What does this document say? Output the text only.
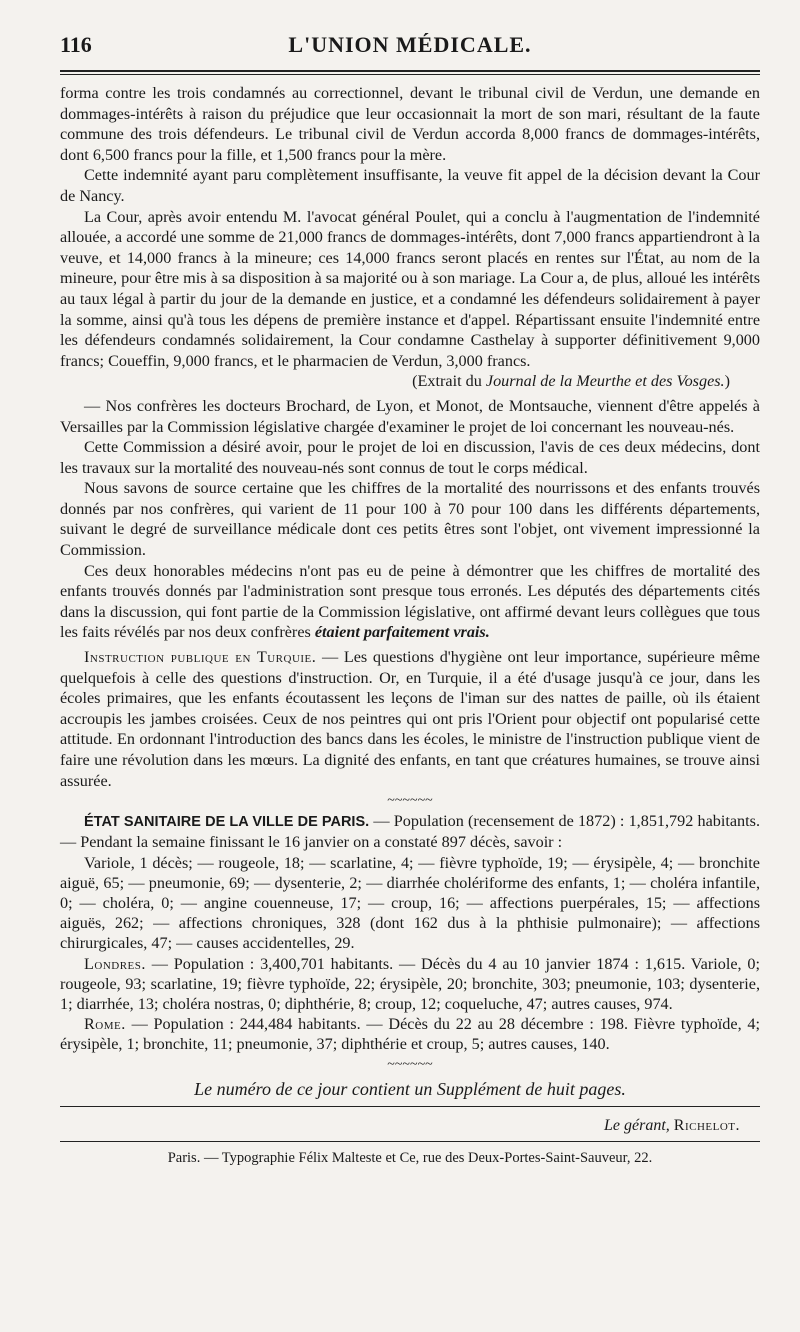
116	L'UNION MÉDICALE.

forma contre les trois condamnés au correctionnel, devant le tribunal civil de Verdun, une demande en dommages-intérêts à raison du préjudice que leur occasionnait la mort de son mari, résultant de la faute commune des trois défendeurs. Le tribunal civil de Verdun accorda 8,000 francs de dommages-intérêts, dont 6,500 francs pour la fille, et 1,500 francs pour la mère.

Cette indemnité ayant paru complètement insuffisante, la veuve fit appel de la décision devant la Cour de Nancy.

La Cour, après avoir entendu M. l'avocat général Poulet, qui a conclu à l'augmentation de l'indemnité allouée, a accordé une somme de 21,000 francs de dommages-intérêts, dont 7,000 francs appartiendront à la veuve, et 14,000 francs à la mineure; ces 14,000 francs seront placés en rentes sur l'État, au nom de la mineure, pour être mis à sa disposition à sa majorité ou à son mariage. La Cour a, de plus, alloué les intérêts au taux légal à partir du jour de la demande en justice, et a condamné les défendeurs solidairement à payer la somme, ainsi qu'à tous les dépens de première instance et d'appel. Répartissant ensuite l'indemnité entre les défendeurs condamnés solidairement, la Cour condamne Casthelay à supporter définitivement 9,000 francs; Coueffin, 9,000 francs, et le pharmacien de Verdun, 3,000 francs.

(Extrait du Journal de la Meurthe et des Vosges.)

— Nos confrères les docteurs Brochard, de Lyon, et Monot, de Montsauche, viennent d'être appelés à Versailles par la Commission législative chargée d'examiner le projet de loi concernant les nouveau-nés.

Cette Commission a désiré avoir, pour le projet de loi en discussion, l'avis de ces deux médecins, dont les travaux sur la mortalité des nouveau-nés sont connus de tout le corps médical.

Nous savons de source certaine que les chiffres de la mortalité des nourrissons et des enfants trouvés donnés par nos confrères, qui varient de 11 pour 100 à 70 pour 100 dans les différents départements, suivant le degré de surveillance médicale dont ces petits êtres sont l'objet, ont vivement impressionné la Commission.

Ces deux honorables médecins n'ont pas eu de peine à démontrer que les chiffres de mortalité des enfants trouvés donnés par l'administration sont presque tous erronés. Les députés des départements cités dans la discussion, qui font partie de la Commission législative, ont affirmé devant leurs collègues que tous les faits révélés par nos deux confrères étaient parfaitement vrais.

Instruction publique en Turquie. — Les questions d'hygiène ont leur importance, supérieure même quelquefois à celle des questions d'instruction. Or, en Turquie, il a été d'usage jusqu'à ce jour, dans les écoles primaires, que les enfants écoutassent les leçons de l'iman sur des nattes de paille, où ils étaient accroupis les jambes croisées. Ceux de nos peintres qui ont pris l'Orient pour objectif ont popularisé cette attitude. En ordonnant l'introduction des bancs dans les écoles, le ministre de l'instruction publique vient de faire une révolution dans les mœurs. La dignité des enfants, en tant que créatures humaines, se trouve ainsi assurée.

~~~~~~

ÉTAT SANITAIRE DE LA VILLE DE PARIS. — Population (recensement de 1872) : 1,851,792 habitants. — Pendant la semaine finissant le 16 janvier on a constaté 897 décès, savoir :

Variole, 1 décès; — rougeole, 18; — scarlatine, 4; — fièvre typhoïde, 19; — érysipèle, 4; — bronchite aiguë, 65; — pneumonie, 69; — dysenterie, 2; — diarrhée cholériforme des enfants, 1; — choléra infantile, 0; — choléra, 0; — angine couenneuse, 17; — croup, 16; — affections puerpérales, 15; — affections aiguës, 262; — affections chroniques, 328 (dont 162 dus à la phthisie pulmonaire); — affections chirurgicales, 47; — causes accidentelles, 29.

Londres. — Population : 3,400,701 habitants. — Décès du 4 au 10 janvier 1874 : 1,615. Variole, 0; rougeole, 93; scarlatine, 19; fièvre typhoïde, 22; érysipèle, 20; bronchite, 303; pneumonie, 103; dysenterie, 1; diarrhée, 13; choléra nostras, 0; diphthérie, 8; croup, 12; coqueluche, 47; autres causes, 974.

Rome. — Population : 244,484 habitants. — Décès du 22 au 28 décembre : 198. Fièvre typhoïde, 4; érysipèle, 1; bronchite, 11; pneumonie, 37; diphthérie et croup, 5; autres causes, 140.

~~~~~~
Le numéro de ce jour contient un Supplément de huit pages.
Le gérant, Richelot.
Paris. — Typographie Félix Malteste et Ce, rue des Deux-Portes-Saint-Sauveur, 22.
